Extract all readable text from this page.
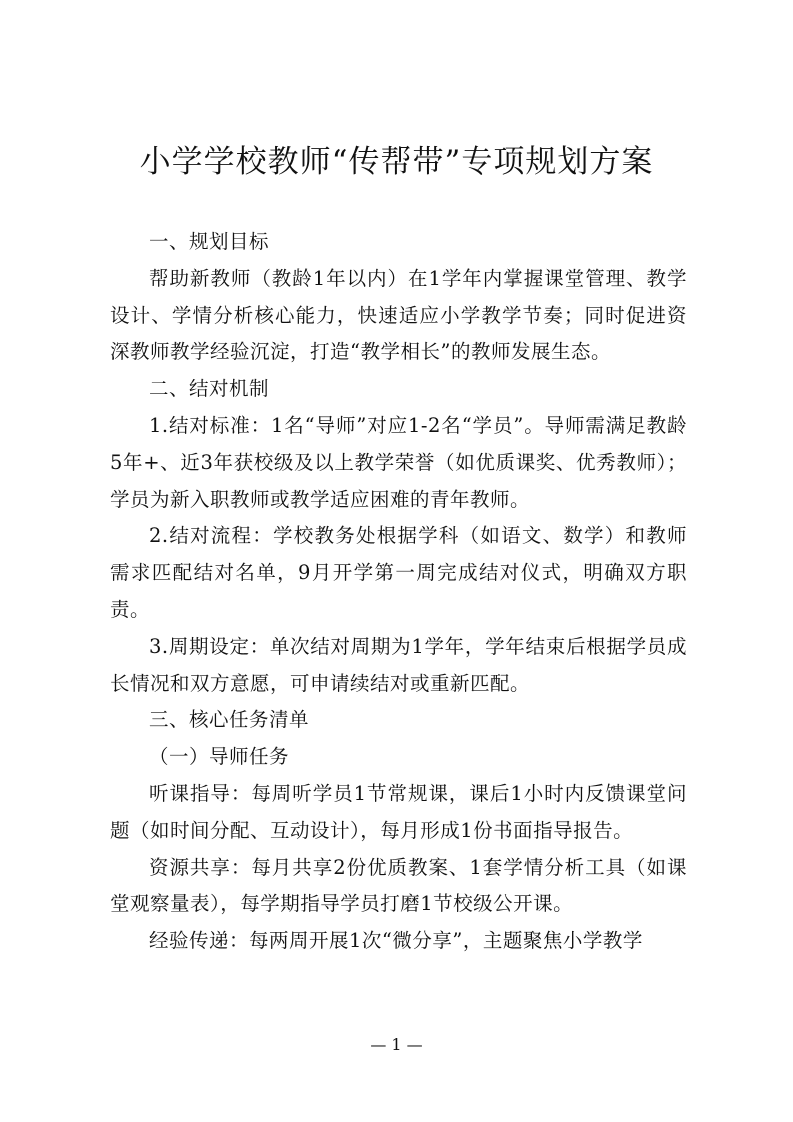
小学学校教师“传帮带”专项规划方案

一、规划目标

帮助新教师（教龄1年以内）在1学年内掌握课堂管理、教学设计、学情分析核心能力，快速适应小学教学节奏；同时促进资深教师教学经验沉淀，打造“教学相长”的教师发展生态。

二、结对机制

1.结对标准：1名“导师”对应1-2名“学员”。导师需满足教龄5年+、近3年获校级及以上教学荣誉（如优质课奖、优秀教师）；学员为新入职教师或教学适应困难的青年教师。

2.结对流程：学校教务处根据学科（如语文、数学）和教师需求匹配结对名单，9月开学第一周完成结对仪式，明确双方职责。

3.周期设定：单次结对周期为1学年，学年结束后根据学员成长情况和双方意愿，可申请续结对或重新匹配。

三、核心任务清单

（一）导师任务

听课指导：每周听学员1节常规课，课后1小时内反馈课堂问题（如时间分配、互动设计），每月形成1份书面指导报告。

资源共享：每月共享2份优质教案、1套学情分析工具（如课堂观察量表），每学期指导学员打磨1节校级公开课。

经验传递：每两周开展1次“微分享”，主题聚焦小学教学

— 1 —
